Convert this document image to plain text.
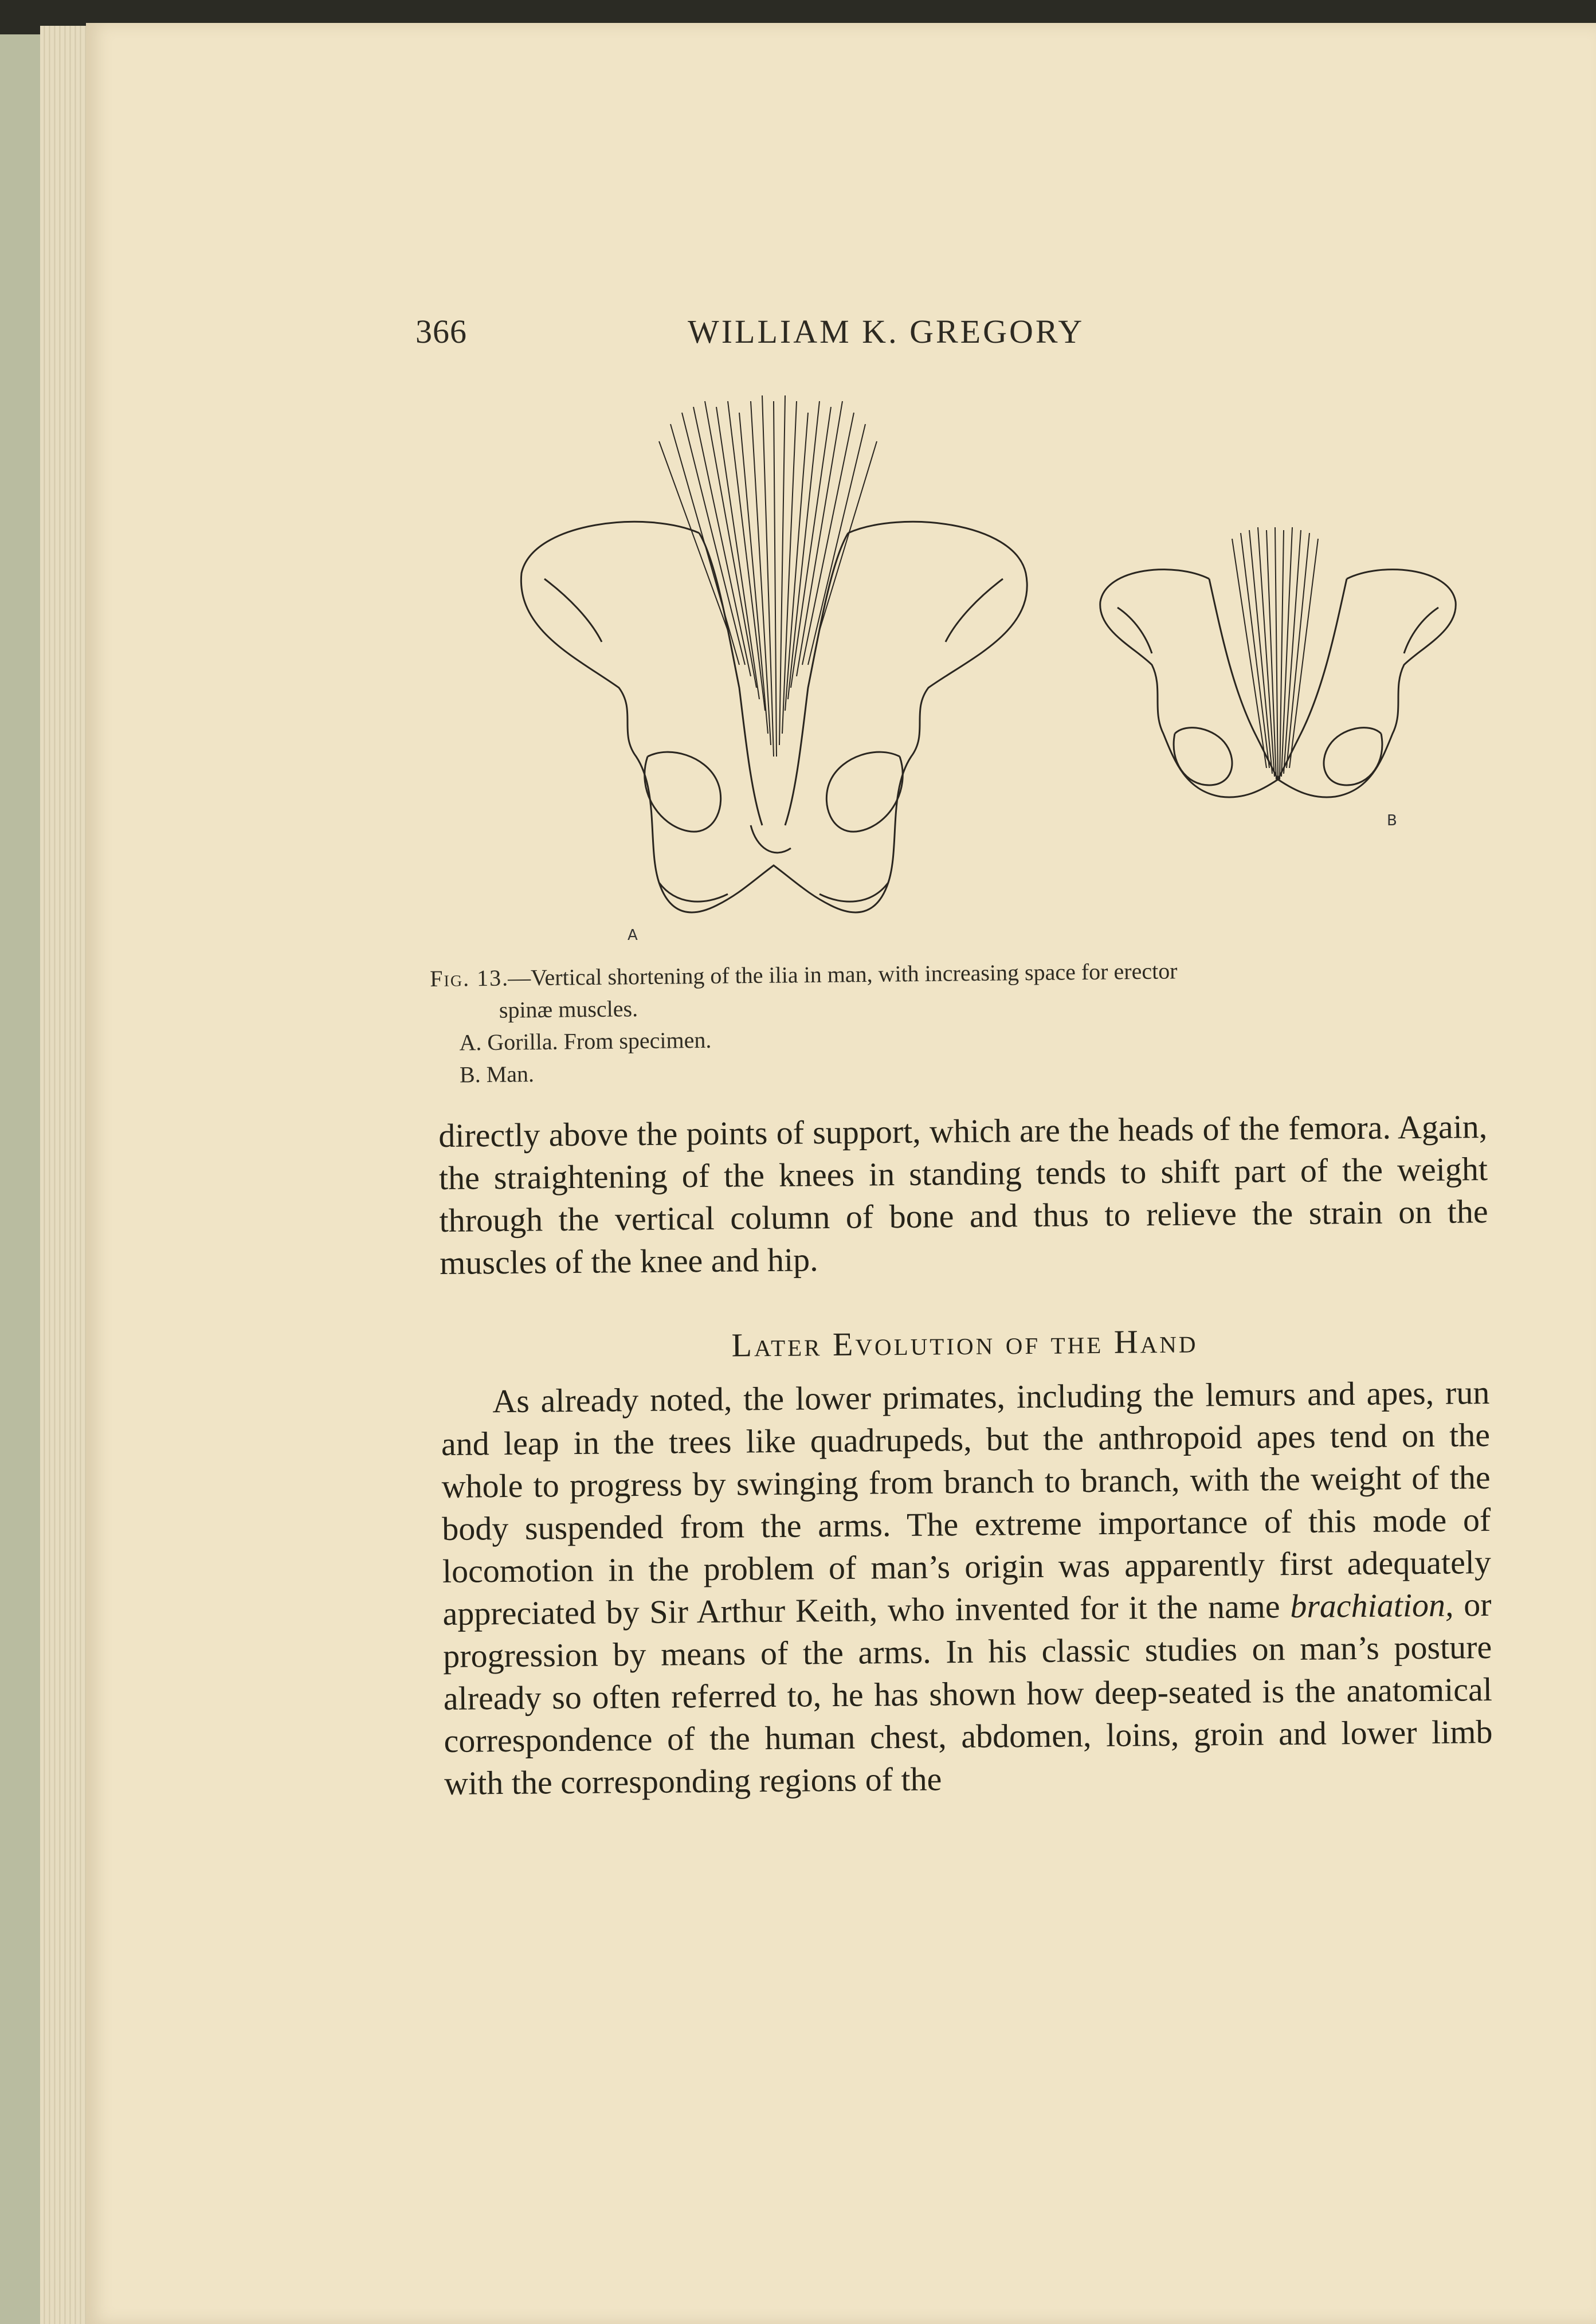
366	WILLIAM K. GREGORY
A
B

Fig. 13.—Vertical shortening of the ilia in man, with increasing space for erector

spinæ muscles.

A. Gorilla. From specimen.

B. Man.

directly above the points of support, which are the heads of the femora. Again, the straightening of the knees in standing tends to shift part of the weight through the vertical column of bone and thus to relieve the strain on the muscles of the knee and hip.

Later Evolution of the Hand

As already noted, the lower primates, including the lemurs and apes, run and leap in the trees like quadrupeds, but the anthropoid apes tend on the whole to progress by swinging from branch to branch, with the weight of the body suspended from the arms. The extreme importance of this mode of locomotion in the problem of man’s origin was apparently first adequately appreciated by Sir Arthur Keith, who invented for it the name brachiation, or progression by means of the arms. In his classic studies on man’s posture already so often referred to, he has shown how deep-seated is the anatomical correspondence of the human chest, abdomen, loins, groin and lower limb with the corresponding regions of the
